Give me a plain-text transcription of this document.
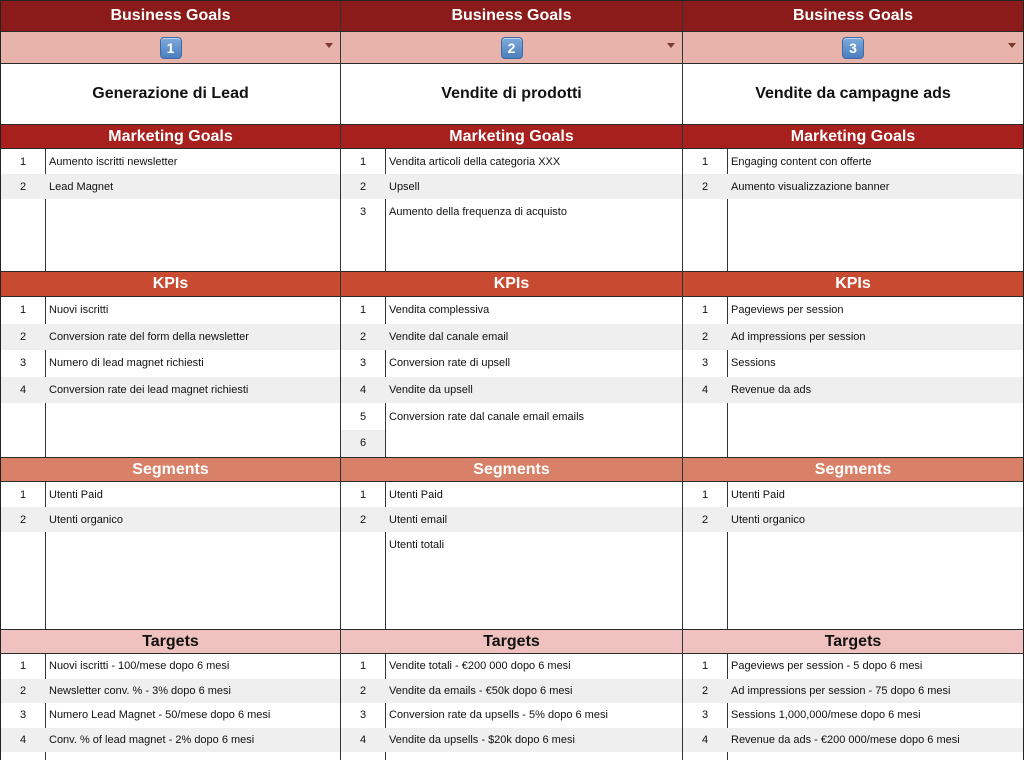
Business Goals
1
Generazione di Lead
Marketing Goals
1	Aumento iscritti newsletter
2	Lead Magnet
KPIs
1	Nuovi iscritti
2	Conversion rate del form della newsletter
3	Numero di lead magnet richiesti
4	Conversion rate dei lead magnet richiesti
Segments
1	Utenti Paid
2	Utenti organico
Targets
1	Nuovi iscritti - 100/mese dopo 6 mesi
2	Newsletter conv. % - 3% dopo 6 mesi
3	Numero Lead Magnet - 50/mese dopo 6 mesi
4	Conv. % of lead magnet - 2% dopo 6 mesi
Business Goals
2
Vendite di prodotti
Marketing Goals
1	Vendita articoli della categoria XXX
2	Upsell
3	Aumento della frequenza di acquisto
KPIs
1	Vendita complessiva
2	Vendite dal canale email
3	Conversion rate di upsell
4	Vendite da upsell
5	Conversion rate dal canale email emails
6
Segments
1	Utenti Paid
2	Utenti email
Utenti totali
Targets
1	Vendite totali - €200 000 dopo 6 mesi
2	Vendite da emails - €50k dopo 6 mesi
3	Conversion rate da upsells - 5% dopo 6 mesi
4	Vendite da upsells - $20k dopo 6 mesi
Business Goals
3
Vendite da campagne ads
Marketing Goals
1	Engaging content con offerte
2	Aumento visualizzazione banner
KPIs
1	Pageviews per session
2	Ad impressions per session
3	Sessions
4	Revenue da ads
Segments
1	Utenti Paid
2	Utenti organico
Targets
1	Pageviews per session - 5 dopo 6 mesi
2	Ad impressions per session - 75 dopo 6 mesi
3	Sessions 1,000,000/mese dopo 6 mesi
4	Revenue da ads - €200 000/mese dopo 6 mesi
